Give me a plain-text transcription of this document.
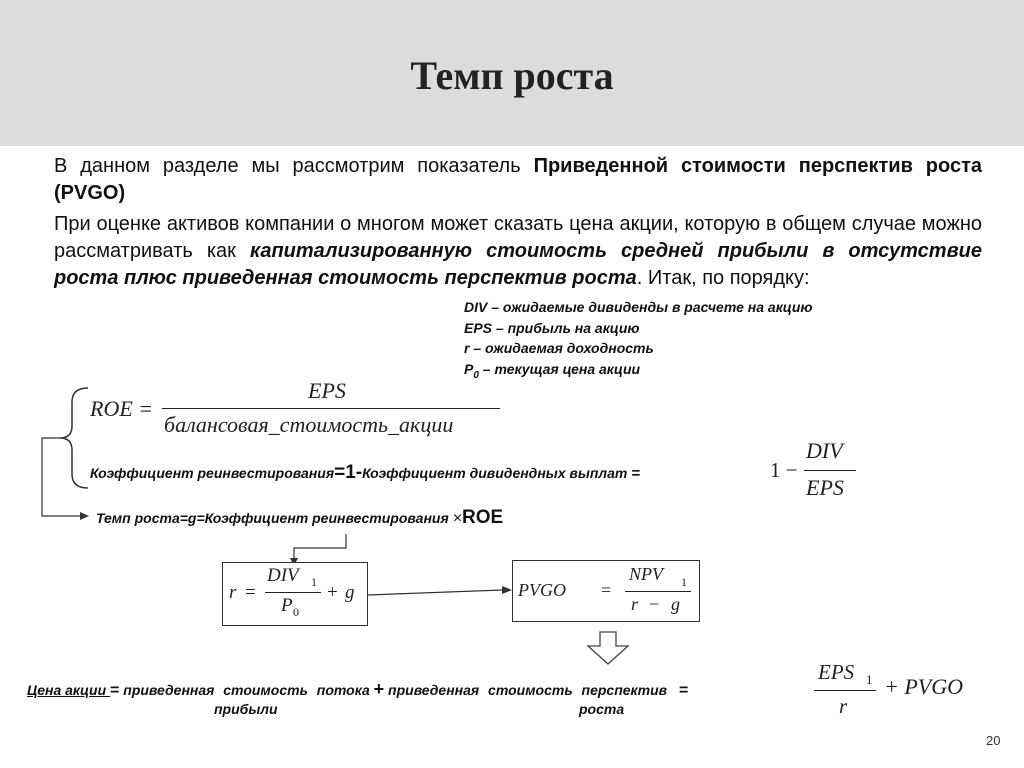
Темп роста
В данном разделе мы рассмотрим показатель Приведенной стоимости перспектив роста (PVGO)
При оценке активов компании о многом может сказать цена акции, которую в общем случае можно рассматривать как капитализированную стоимость средней прибыли в отсутствие роста плюс приведенная стоимость перспектив роста. Итак, по порядку:
DIV – ожидаемые дивиденды в расчете на акцию
EPS – прибыль на акцию
r – ожидаемая доходность
$P_0$ – текущая цена акции
ROE =
EPS
балансовая_стоимость_акции
Коэффициент реинвестирования=1-Коэффициент дивидендных выплат =	1 −
DIV
EPS
Темп роста=g=Коэффициент реинвестирования ×ROE
r =
DIV 1
P 0
+ g	PVGO =
NPV 1
r − g
Цена акции = приведенная стоимость потока + приведенная стоимость перспектив =
прибыли	роста
EPS 1
r
+ PVGO
20
